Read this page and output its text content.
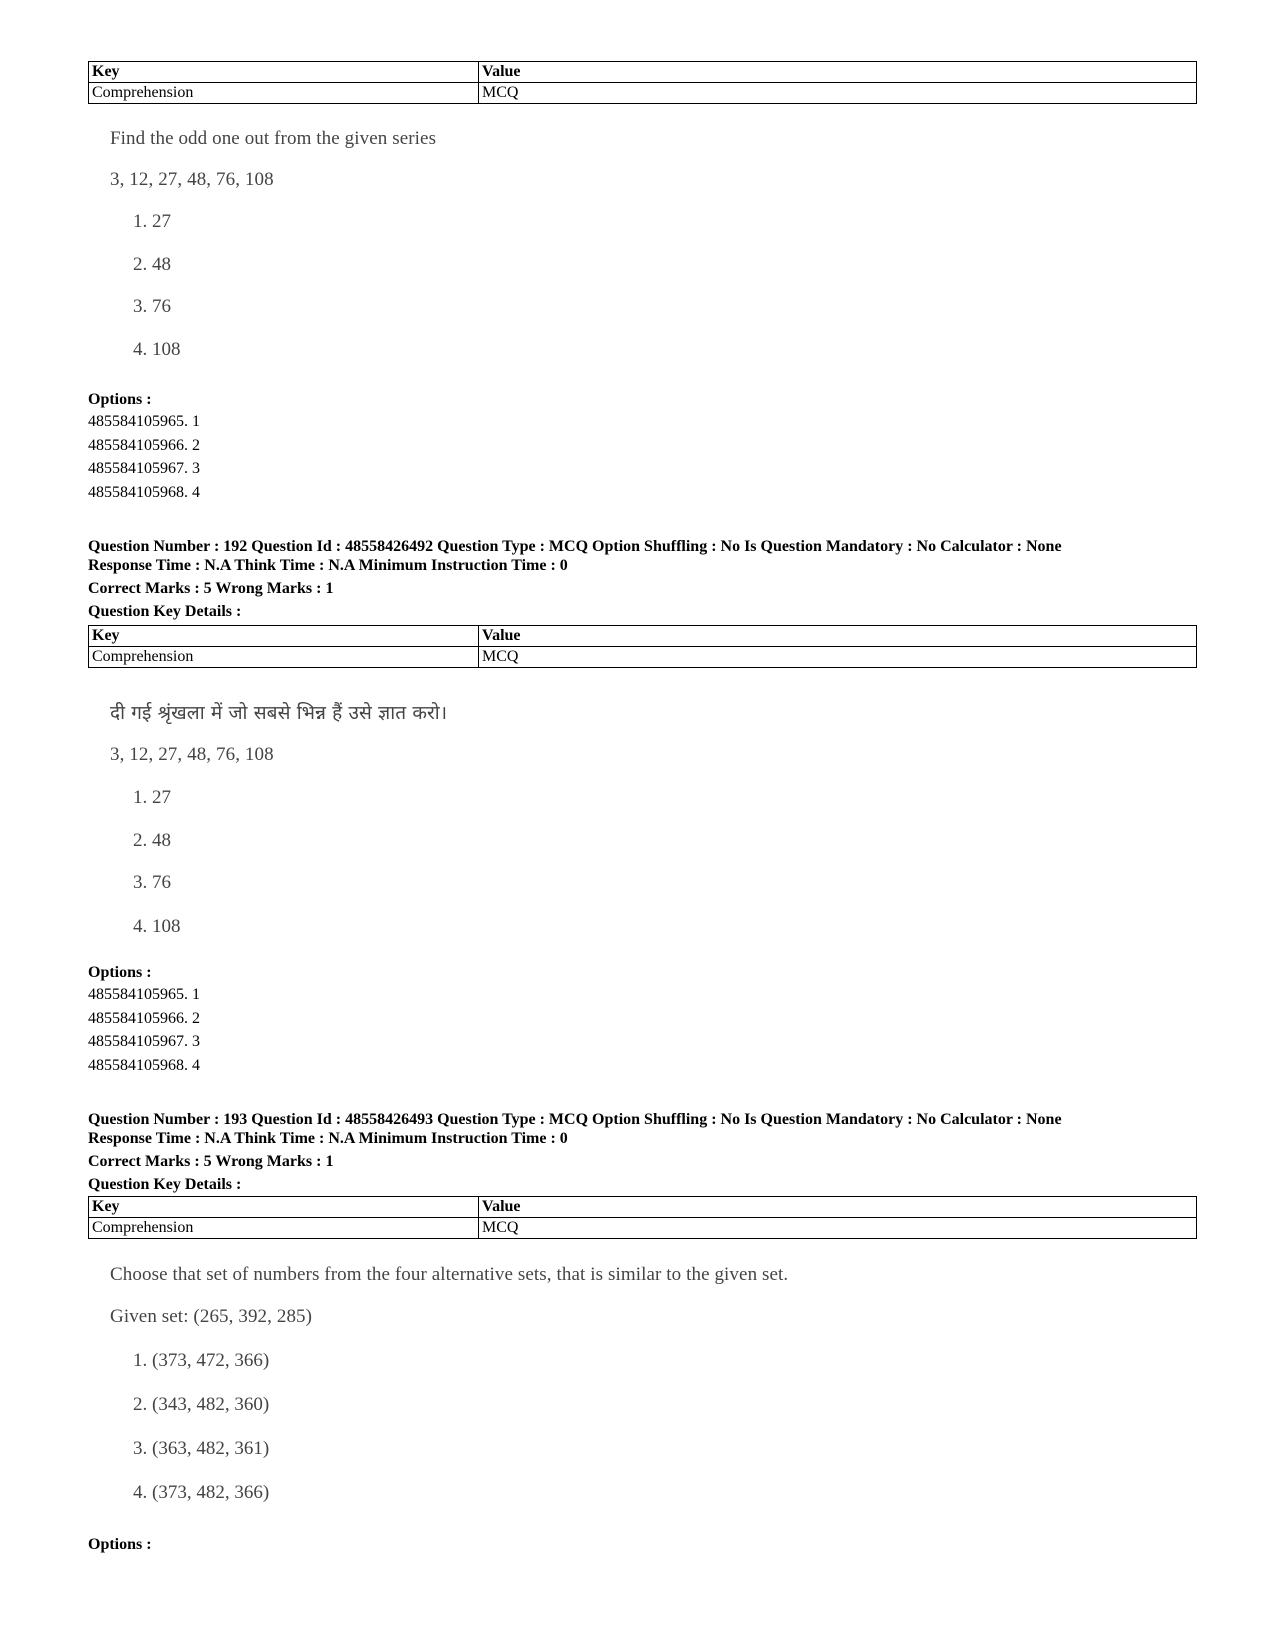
Key	Value
Comprehension	MCQ
Find the odd one out from the given series
3, 12, 27, 48, 76, 108
1. 27
2. 48
3. 76
4. 108
Options :
485584105965. 1
485584105966. 2
485584105967. 3
485584105968. 4
Question Number : 192 Question Id : 48558426492 Question Type : MCQ Option Shuffling : No Is Question Mandatory : No Calculator : None
Response Time : N.A Think Time : N.A Minimum Instruction Time : 0
Correct Marks : 5 Wrong Marks : 1
Question Key Details :
Key	Value
Comprehension	MCQ
दी गई श्रृंखला में जो सबसे भिन्न हैं उसे ज्ञात करो।
3, 12, 27, 48, 76, 108
1. 27
2. 48
3. 76
4. 108
Options :
485584105965. 1
485584105966. 2
485584105967. 3
485584105968. 4
Question Number : 193 Question Id : 48558426493 Question Type : MCQ Option Shuffling : No Is Question Mandatory : No Calculator : None
Response Time : N.A Think Time : N.A Minimum Instruction Time : 0
Correct Marks : 5 Wrong Marks : 1
Question Key Details :
Key	Value
Comprehension	MCQ
Choose that set of numbers from the four alternative sets, that is similar to the given set.
Given set: (265, 392, 285)
1. (373, 472, 366)
2. (343, 482, 360)
3. (363, 482, 361)
4. (373, 482, 366)
Options :
